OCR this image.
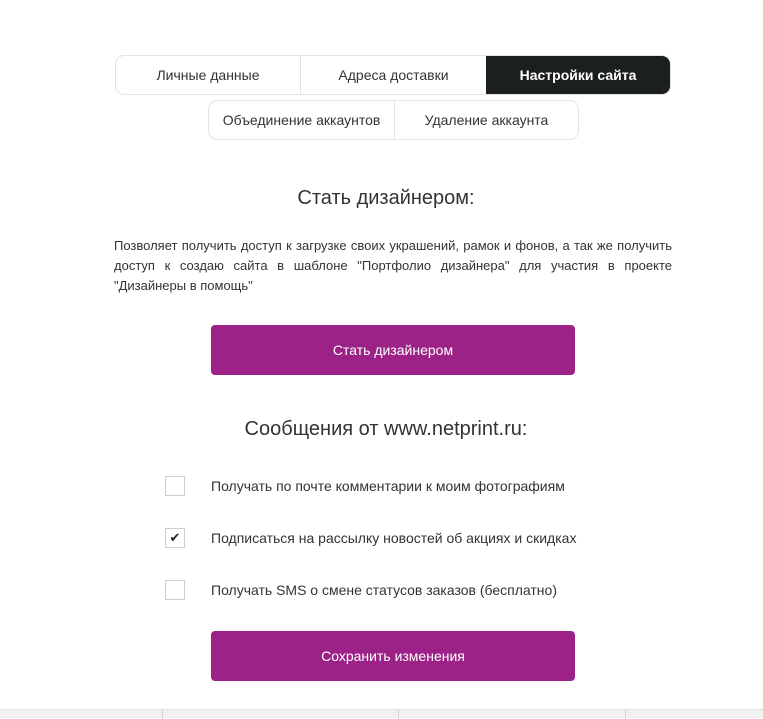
Личные данные	Адреса доставки	Настройки сайта
Объединение аккаунтов	Удаление аккаунта
Стать дизайнером:

Позволяет получить доступ к загрузке своих украшений, рамок и фонов, а так же получить доступ к создаю сайта в шаблоне "Портфолио дизайнера" для участия в проекте "Дизайнеры в помощь"

Стать дизайнером
Сообщения от www.netprint.ru:
Получать по почте комментарии к моим фотографиям
✔ Подписаться на рассылку новостей об акциях и скидках
Получать SMS о смене статусов заказов (бесплатно)
Сохранить изменения
